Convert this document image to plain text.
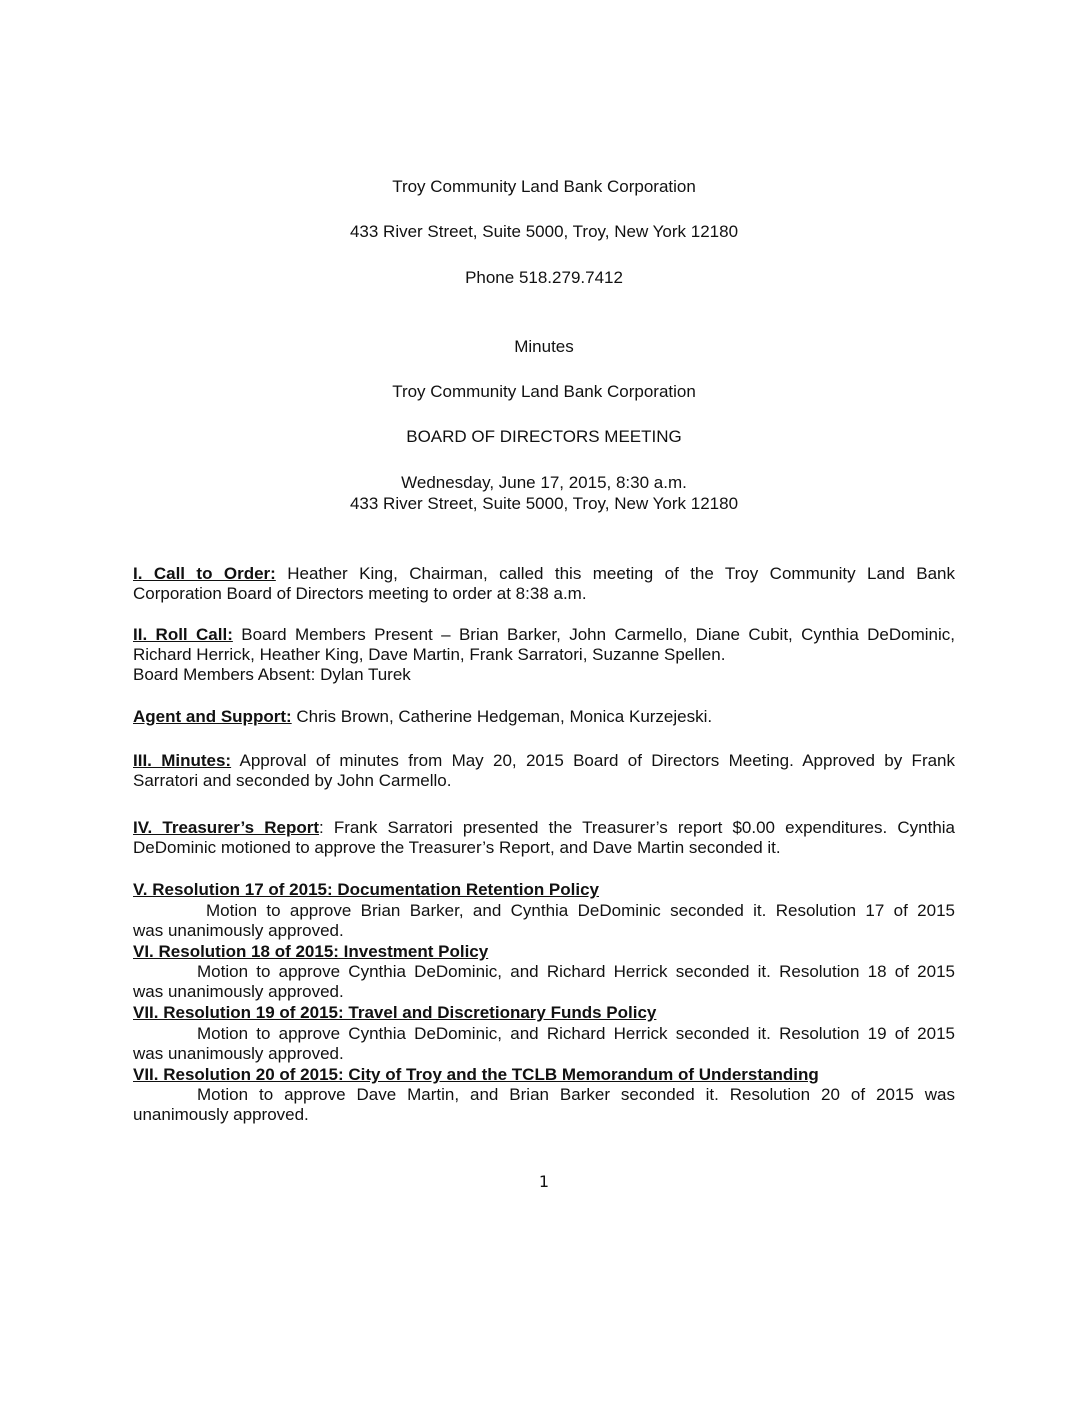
Troy Community Land Bank Corporation
433 River Street, Suite 5000, Troy, New York 12180
Phone 518.279.7412
Minutes
Troy Community Land Bank Corporation
BOARD OF DIRECTORS MEETING
Wednesday, June 17, 2015, 8:30 a.m.
433 River Street, Suite 5000, Troy, New York 12180
I. Call to Order: Heather King, Chairman, called this meeting of the Troy Community Land Bank
Corporation Board of Directors meeting to order at 8:38 a.m.
II. Roll Call: Board Members Present – Brian Barker, John Carmello, Diane Cubit, Cynthia DeDominic,
Richard Herrick, Heather King, Dave Martin, Frank Sarratori, Suzanne Spellen.
Board Members Absent: Dylan Turek
Agent and Support: Chris Brown, Catherine Hedgeman, Monica Kurzejeski.
III. Minutes: Approval of minutes from May 20, 2015 Board of Directors Meeting. Approved by Frank
Sarratori and seconded by John Carmello.
IV. Treasurer’s Report: Frank Sarratori presented the Treasurer’s report $0.00 expenditures. Cynthia
DeDominic motioned to approve the Treasurer’s Report, and Dave Martin seconded it.
V. Resolution 17 of 2015: Documentation Retention Policy
Motion to approve Brian Barker, and Cynthia DeDominic seconded it. Resolution 17 of 2015
was unanimously approved.
VI. Resolution 18 of 2015: Investment Policy
Motion to approve Cynthia DeDominic, and Richard Herrick seconded it. Resolution 18 of 2015
was unanimously approved.
VII. Resolution 19 of 2015: Travel and Discretionary Funds Policy
Motion to approve Cynthia DeDominic, and Richard Herrick seconded it. Resolution 19 of 2015
was unanimously approved.
VII. Resolution 20 of 2015: City of Troy and the TCLB Memorandum of Understanding
Motion to approve Dave Martin, and Brian Barker seconded it. Resolution 20 of 2015 was
unanimously approved.
1
